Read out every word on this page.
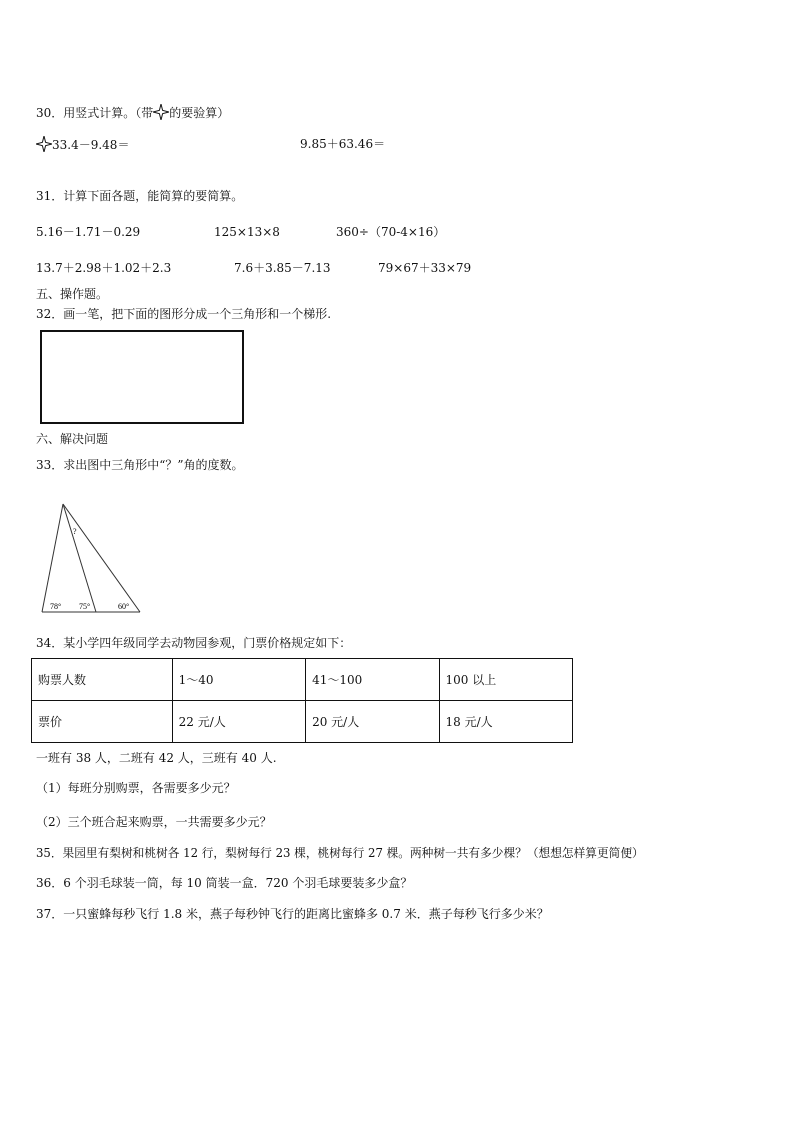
30．用竖式计算。（带 的要验算）
33.4－9.48＝	9.85＋63.46＝
31．计算下面各题，能简算的要简算。
5.16－1.71－0.29	125×13×8	360÷（70-4×16）
13.7＋2.98＋1.02＋2.3	7.6＋3.85－7.13	79×67＋33×79
五、操作题。
32．画一笔，把下面的图形分成一个三角形和一个梯形.
六、解决问题
33．求出图中三角形中“？”角的度数。
?
78° 75°	60°
34．某小学四年级同学去动物园参观，门票价格规定如下：
购票人数	1～40	41～100	100 以上
票价	22 元/人	20 元/人	18 元/人
一班有 38 人，二班有 42 人，三班有 40 人.
（1）每班分别购票，各需要多少元？
（2）三个班合起来购票，一共需要多少元？
35．果园里有梨树和桃树各 12 行，梨树每行 23 棵，桃树每行 27 棵。两种树一共有多少棵？（想想怎样算更简便）
36．6 个羽毛球装一筒，每 10 筒装一盒．720 个羽毛球要装多少盒？
37．一只蜜蜂每秒飞行 1.8 米，燕子每秒钟飞行的距离比蜜蜂多 0.7 米．燕子每秒飞行多少米？
